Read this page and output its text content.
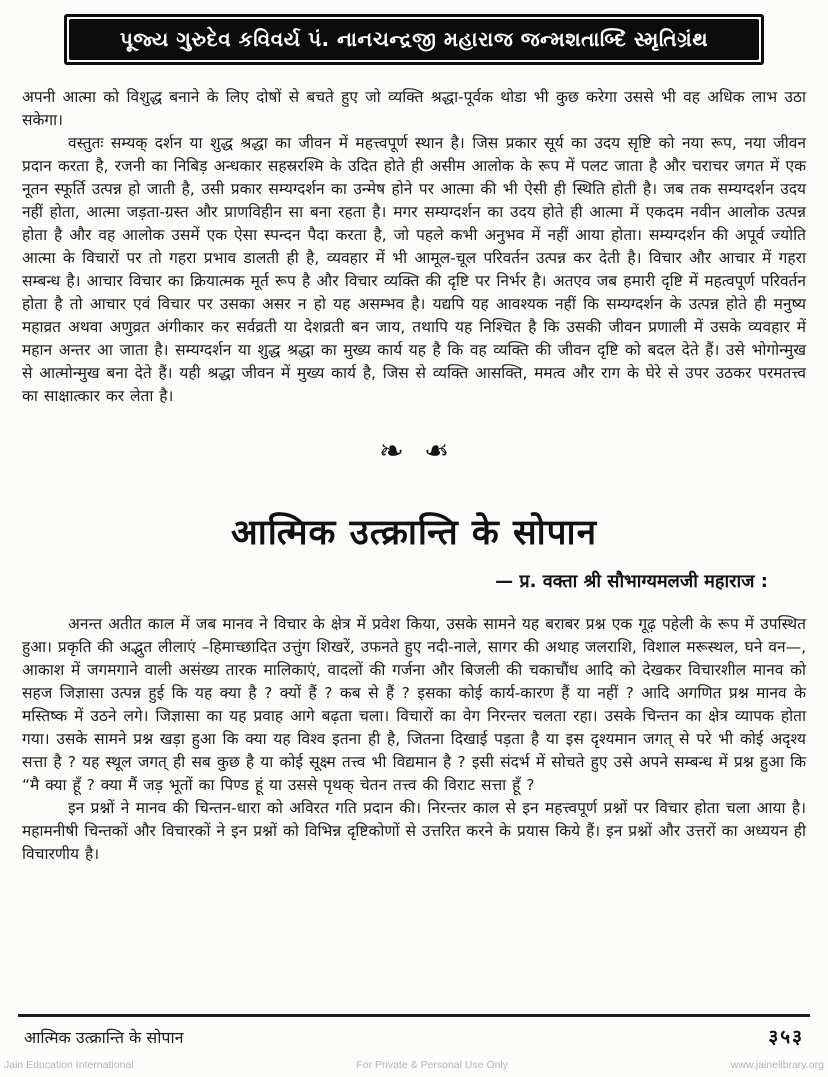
પૂજ્ય ગુરુદેવ કવિવર્ય પં. નાનચન્દ્રજી મહારાજ જન્મશતાબ્દિ સ્મૃતિગ્રંથ

अपनी आत्मा को विशुद्ध बनाने के लिए दोषों से बचते हुए जो व्यक्ति श्रद्धा-पूर्वक थोडा भी कुछ करेगा उससे भी वह अधिक लाभ उठा सकेगा।

वस्तुतः सम्यक् दर्शन या शुद्ध श्रद्धा का जीवन में महत्त्वपूर्ण स्थान है। जिस प्रकार सूर्य का उदय सृष्टि को नया रूप, नया जीवन प्रदान करता है, रजनी का निबिड़ अन्धकार सहस्ररश्मि के उदित होते ही असीम आलोक के रूप में पलट जाता है और चराचर जगत में एक नूतन स्फूर्ति उत्पन्न हो जाती है, उसी प्रकार सम्यग्दर्शन का उन्मेष होने पर आत्मा की भी ऐसी ही स्थिति होती है। जब तक सम्यग्दर्शन उदय नहीं होता, आत्मा जड़ता-ग्रस्त और प्राणविहीन सा बना रहता है। मगर सम्यग्दर्शन का उदय होते ही आत्मा में एकदम नवीन आलोक उत्पन्न होता है और वह आलोक उसमें एक ऐसा स्पन्दन पैदा करता है, जो पहले कभी अनुभव में नहीं आया होता। सम्यग्दर्शन की अपूर्व ज्योति आत्मा के विचारों पर तो गहरा प्रभाव डालती ही है, व्यवहार में भी आमूल-चूल परिवर्तन उत्पन्न कर देती है। विचार और आचार में गहरा सम्बन्ध है। आचार विचार का क्रियात्मक मूर्त रूप है और विचार व्यक्ति की दृष्टि पर निर्भर है। अतएव जब हमारी दृष्टि में महत्वपूर्ण परिवर्तन होता है तो आचार एवं विचार पर उसका असर न हो यह असम्भव है। यद्यपि यह आवश्यक नहीं कि सम्यग्दर्शन के उत्पन्न होते ही मनुष्य महाव्रत अथवा अणुव्रत अंगीकार कर सर्वव्रती या देशव्रती बन जाय, तथापि यह निश्चित है कि उसकी जीवन प्रणाली में उसके व्यवहार में महान अन्तर आ जाता है। सम्यग्दर्शन या शुद्ध श्रद्धा का मुख्य कार्य यह है कि वह व्यक्ति की जीवन दृष्टि को बदल देते हैं। उसे भोगोन्मुख से आत्मोन्मुख बना देते हैं। यही श्रद्धा जीवन में मुख्य कार्य है, जिस से व्यक्ति आसक्ति, ममत्व और राग के घेरे से उपर उठकर परमतत्त्व का साक्षात्कार कर लेता है।

❧ ❧
आत्मिक उत्क्रान्ति के सोपान
— प्र. वक्ता श्री सौभाग्यमलजी महाराज :

अनन्त अतीत काल में जब मानव ने विचार के क्षेत्र में प्रवेश किया, उसके सामने यह बराबर प्रश्न एक गूढ़ पहेली के रूप में उपस्थित हुआ। प्रकृति की अद्भुत लीलाएं –हिमाच्छादित उत्तुंग शिखरें, उफनते हुए नदी-नाले, सागर की अथाह जलराशि, विशाल मरूस्थल, घने वन—, आकाश में जगमगाने वाली असंख्य तारक मालिकाएं, वादलों की गर्जना और बिजली की चकाचौंध आदि को देखकर विचारशील मानव को सहज जिज्ञासा उत्पन्न हुई कि यह क्या है ? क्यों हैं ? कब से हैं ? इसका कोई कार्य-कारण हैं या नहीं ? आदि अगणित प्रश्न मानव के मस्तिष्क में उठने लगे। जिज्ञासा का यह प्रवाह आगे बढ़ता चला। विचारों का वेग निरन्तर चलता रहा। उसके चिन्तन का क्षेत्र व्यापक होता गया। उसके सामने प्रश्न खड़ा हुआ कि क्या यह विश्व इतना ही है, जितना दिखाई पड़ता है या इस दृश्यमान जगत् से परे भी कोई अदृश्य सत्ता है ? यह स्थूल जगत् ही सब कुछ है या कोई सूक्ष्म तत्त्व भी विद्यमान है ? इसी संदर्भ में सोचते हुए उसे अपने सम्बन्ध में प्रश्न हुआ कि “मै क्या हूँ ? क्या मैं जड़ भूतों का पिण्ड हूं या उससे पृथक् चेतन तत्त्व की विराट सत्ता हूँ ?

इन प्रश्नों ने मानव की चिन्तन-धारा को अविरत गति प्रदान की। निरन्तर काल से इन महत्त्वपूर्ण प्रश्नों पर विचार होता चला आया है। महामनीषी चिन्तकों और विचारकों ने इन प्रश्नों को विभिन्न दृष्टिकोणों से उत्तरित करने के प्रयास किये हैं। इन प्रश्नों और उत्तरों का अध्ययन ही विचारणीय है।

आत्मिक उत्क्रान्ति के सोपान	३५३
Jain Education International	For Private & Personal Use Only	www.jainelibrary.org
